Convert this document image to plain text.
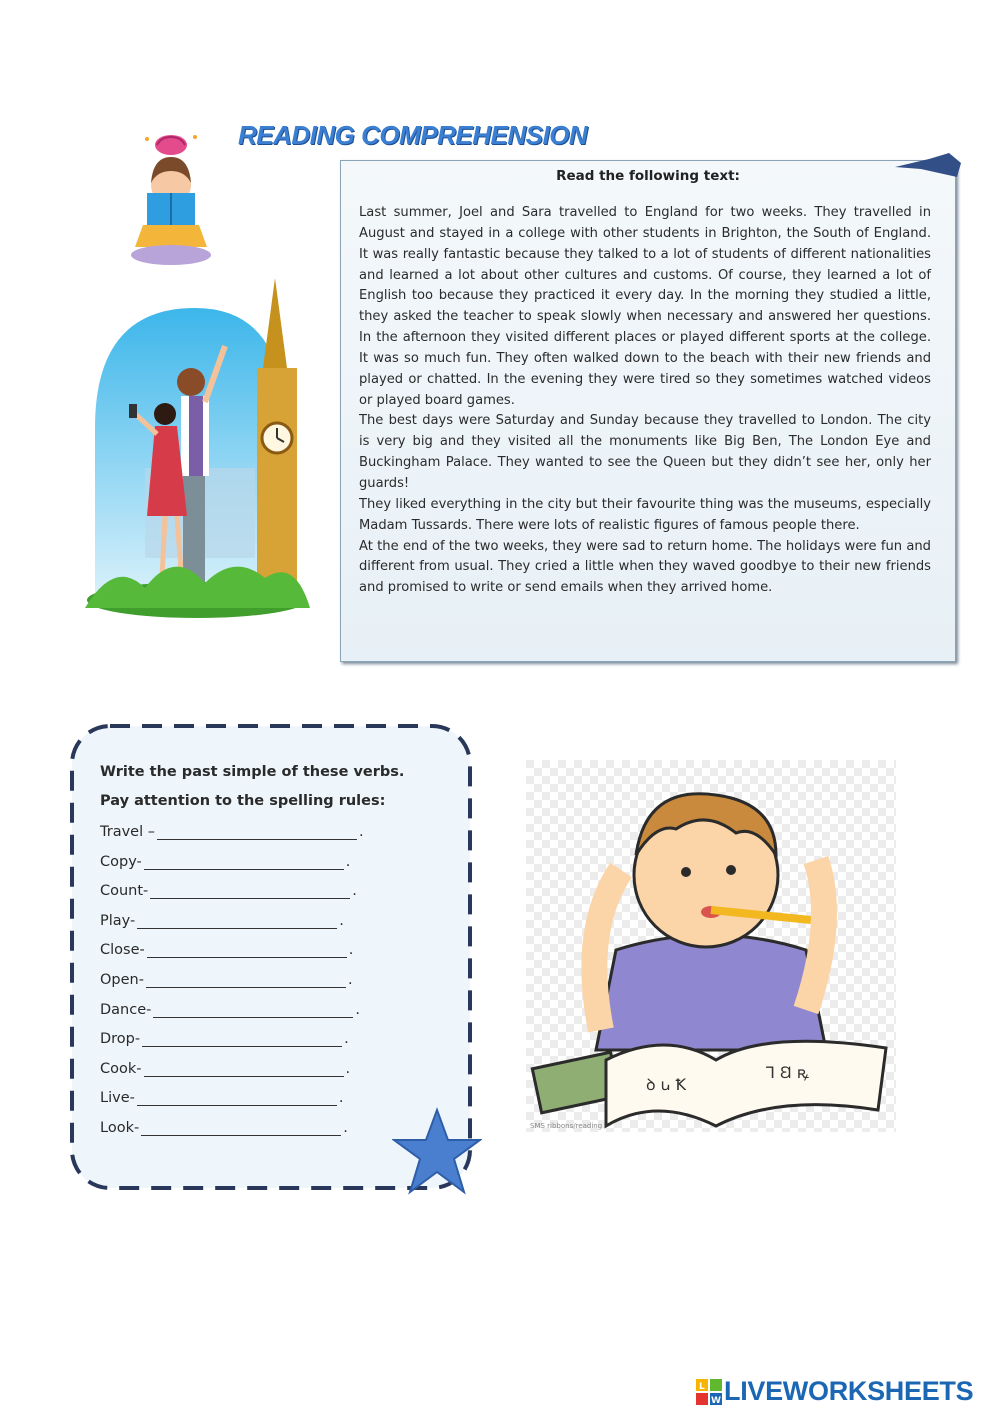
READING COMPREHENSION
Read the following text:

Last summer, Joel and Sara travelled to England for two weeks. They travelled in August and stayed in a college with other students in Brighton, the South of England. It was really fantastic because they talked to a lot of students of different nationalities and learned a lot about other cultures and customs. Of course, they learned a lot of English too because they practiced it every day. In the morning they studied a little, they asked the teacher to speak slowly when necessary and answered her questions. In the afternoon they visited different places or played different sports at the college. It was so much fun. They often walked down to the beach with their new friends and played or chatted. In the evening they were tired so they sometimes watched videos or played board games.

The best days were Saturday and Sunday because they travelled to London. The city is very big and they visited all the monuments like Big Ben, The London Eye and Buckingham Palace. They wanted to see the Queen but they didn’t see her, only her guards!

They liked everything in the city but their favourite thing was the museums, especially Madam Tussards. There were lots of realistic figures of famous people there.

At the end of the two weeks, they were sad to return home. The holidays were fun and different from usual. They cried a little when they waved goodbye to their new friends and promised to write or send emails when they arrived home.

Write the past simple of these verbs. Pay attention to the spelling rules:
Travel –	.
Copy-	.
Count-	.
Play-	.
Close-	.
Open-	.
Dance-	.
Drop-	.
Cook-	.
Live-	.
Look-	.
ꝺ ꭎ Ꝁ
Ꞁ Ꞛ ꝶ
SMS ribbons/reading
L
W LIVEWORKSHEETS
